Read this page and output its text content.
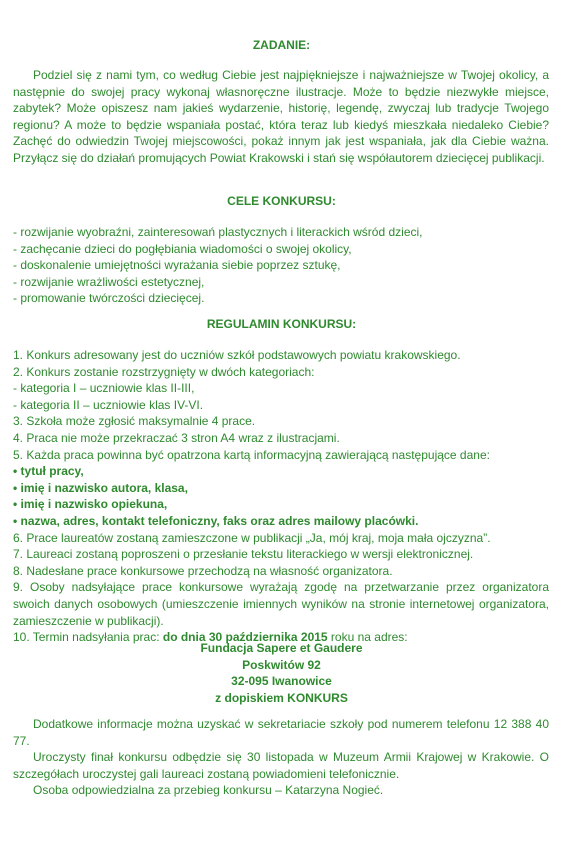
ZADANIE:

Podziel się z nami tym, co według Ciebie jest najpiękniejsze i najważniejsze w Twojej okolicy, a następnie do swojej pracy wykonaj własnoręczne ilustracje. Może to będzie niezwykłe miejsce, zabytek? Może opiszesz nam jakieś wydarzenie, historię, legendę, zwyczaj lub tradycje Twojego regionu? A może to będzie wspaniała postać, która teraz lub kiedyś mieszkała niedaleko Ciebie? Zachęć do odwiedzin Twojej miejscowości, pokaż innym jak jest wspaniała, jak dla Ciebie ważna. Przyłącz się do działań promujących Powiat Krakowski i stań się współautorem dziecięcej publikacji.

CELE KONKURSU:
- rozwijanie wyobraźni, zainteresowań plastycznych i literackich wśród dzieci,
- zachęcanie dzieci do pogłębiania wiadomości o swojej okolicy,
- doskonalenie umiejętności wyrażania siebie poprzez sztukę,
- rozwijanie wrażliwości estetycznej,
- promowanie twórczości dziecięcej.
REGULAMIN KONKURSU:
1. Konkurs adresowany jest do uczniów szkół podstawowych powiatu krakowskiego.
2. Konkurs zostanie rozstrzygnięty w dwóch kategoriach:
- kategoria I – uczniowie klas II-III,
- kategoria II – uczniowie klas IV-VI.
3. Szkoła może zgłosić maksymalnie 4 prace.
4. Praca nie może przekraczać 3 stron A4 wraz z ilustracjami.
5. Każda praca powinna być opatrzona kartą informacyjną zawierającą następujące dane:
• tytuł pracy,
• imię i nazwisko autora, klasa,
• imię i nazwisko opiekuna,
• nazwa, adres, kontakt telefoniczny, faks oraz adres mailowy placówki.
6. Prace laureatów zostaną zamieszczone w publikacji „Ja, mój kraj, moja mała ojczyzna”.
7. Laureaci zostaną poproszeni o przesłanie tekstu literackiego w wersji elektronicznej.
8. Nadesłane prace konkursowe przechodzą na własność organizatora.
9. Osoby nadsyłające prace konkursowe wyrażają zgodę na przetwarzanie przez organizatora swoich danych osobowych (umieszczenie imiennych wyników na stronie internetowej organizatora, zamieszczenie w publikacji).
10. Termin nadsyłania prac: do dnia 30 października 2015 roku na adres:
Fundacja Sapere et Gaudere
Poskwitów 92
32-095 Iwanowice
z dopiskiem KONKURS

Dodatkowe informacje można uzyskać w sekretariacie szkoły pod numerem telefonu 12 388 40 77.

Uroczysty finał konkursu odbędzie się 30 listopada w Muzeum Armii Krajowej w Krakowie. O szczegółach uroczystej gali laureaci zostaną powiadomieni telefonicznie.

Osoba odpowiedzialna za przebieg konkursu – Katarzyna Nogieć.
